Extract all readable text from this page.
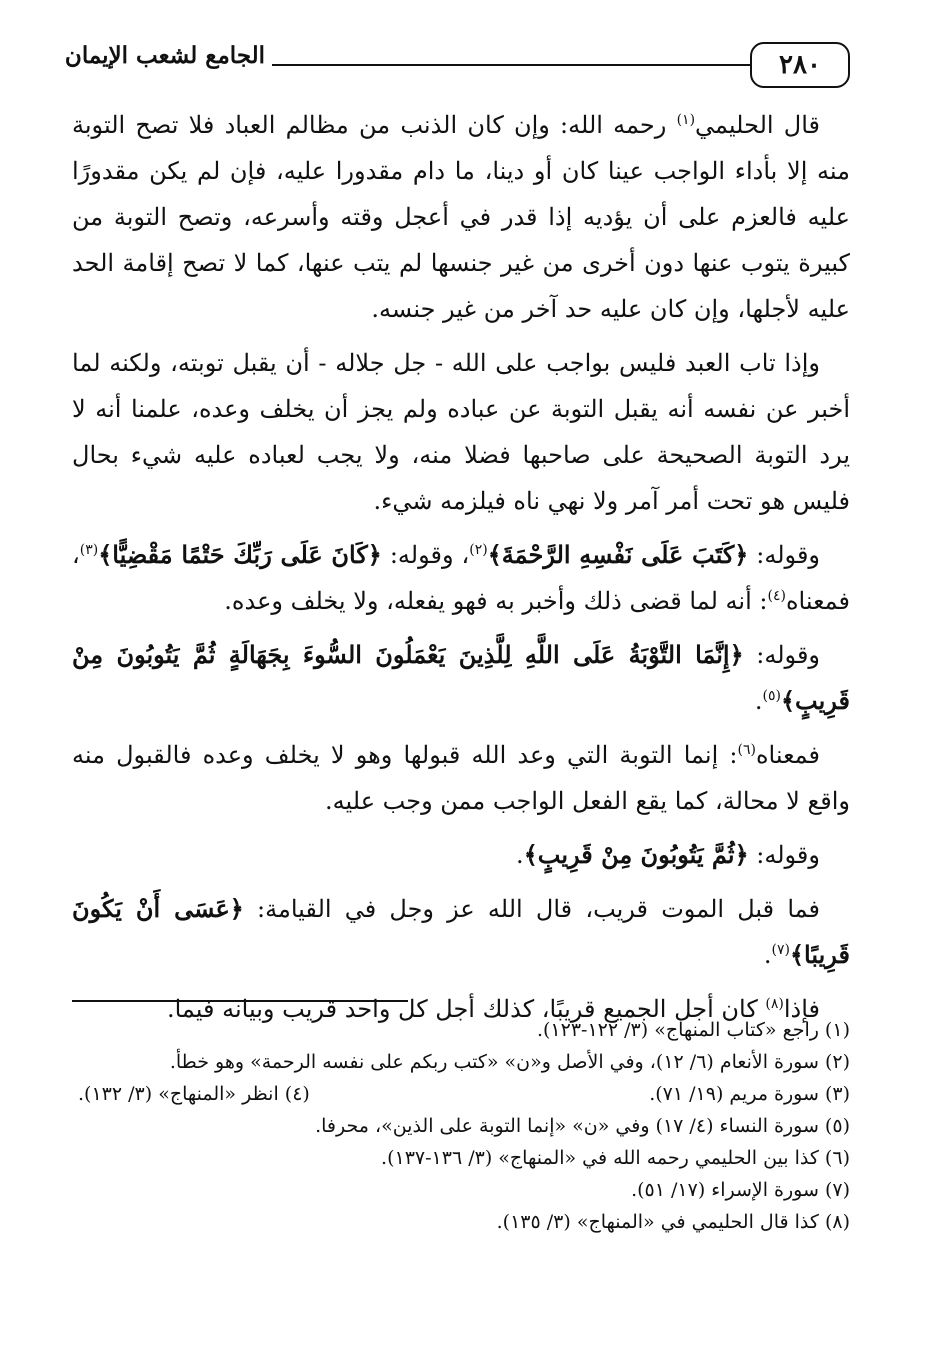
٢٨٠
الجامع لشعب الإيمان

قال الحليمي$^{(١)}$ رحمه الله: وإن كان الذنب من مظالم العباد فلا تصح التوبة منه إلا بأداء الواجب عينا كان أو دينا، ما دام مقدورا عليه، فإن لم يكن مقدورًا عليه فالعزم على أن يؤديه إذا قدر في أعجل وقته وأسرعه، وتصح التوبة من كبيرة يتوب عنها دون أخرى من غير جنسها لم يتب عنها، كما لا تصح إقامة الحد عليه لأجلها، وإن كان عليه حد آخر من غير جنسه.

وإذا تاب العبد فليس بواجب على الله - جل جلاله - أن يقبل توبته، ولكنه لما أخبر عن نفسه أنه يقبل التوبة عن عباده ولم يجز أن يخلف وعده، علمنا أنه لا يرد التوبة الصحيحة على صاحبها فضلا منه، ولا يجب لعباده عليه شيء بحال فليس هو تحت أمر آمر ولا نهي ناه فيلزمه شيء.

وقوله: ﴿كَتَبَ عَلَى نَفْسِهِ الرَّحْمَةَ﴾$^{(٢)}$، وقوله: ﴿كَانَ عَلَى رَبِّكَ حَتْمًا مَقْضِيًّا﴾$^{(٣)}$، فمعناه$^{(٤)}$: أنه لما قضى ذلك وأخبر به فهو يفعله، ولا يخلف وعده.

وقوله: ﴿إِنَّمَا التَّوْبَةُ عَلَى اللَّهِ لِلَّذِينَ يَعْمَلُونَ السُّوءَ بِجَهَالَةٍ ثُمَّ يَتُوبُونَ مِنْ قَرِيبٍ﴾$^{(٥)}$.

فمعناه$^{(٦)}$: إنما التوبة التي وعد الله قبولها وهو لا يخلف وعده فالقبول منه واقع لا محالة، كما يقع الفعل الواجب ممن وجب عليه.

وقوله: ﴿ثُمَّ يَتُوبُونَ مِنْ قَرِيبٍ﴾.

فما قبل الموت قريب، قال الله عز وجل في القيامة: ﴿عَسَى أَنْ يَكُونَ قَرِيبًا﴾$^{(٧)}$.

فإذا$^{(٨)}$ كان أجل الجميع قريبًا، كذلك أجل كل واحد قريب وبيانه فيما.

(١) راجع «كتاب المنهاج» (٣/ ١٢٢-١٢٣).

(٢) سورة الأنعام (٦/ ١٢)، وفي الأصل و«ن» «كتب ربكم على نفسه الرحمة» وهو خطأ.

(٣) سورة مريم (١٩/ ٧١).

(٤) انظر «المنهاج» (٣/ ١٣٢).

(٥) سورة النساء (٤/ ١٧) وفي «ن» «إنما التوبة على الذين»، محرفا.

(٦) كذا بين الحليمي رحمه الله في «المنهاج» (٣/ ١٣٦-١٣٧).

(٧) سورة الإسراء (١٧/ ٥١).

(٨) كذا قال الحليمي في «المنهاج» (٣/ ١٣٥).
